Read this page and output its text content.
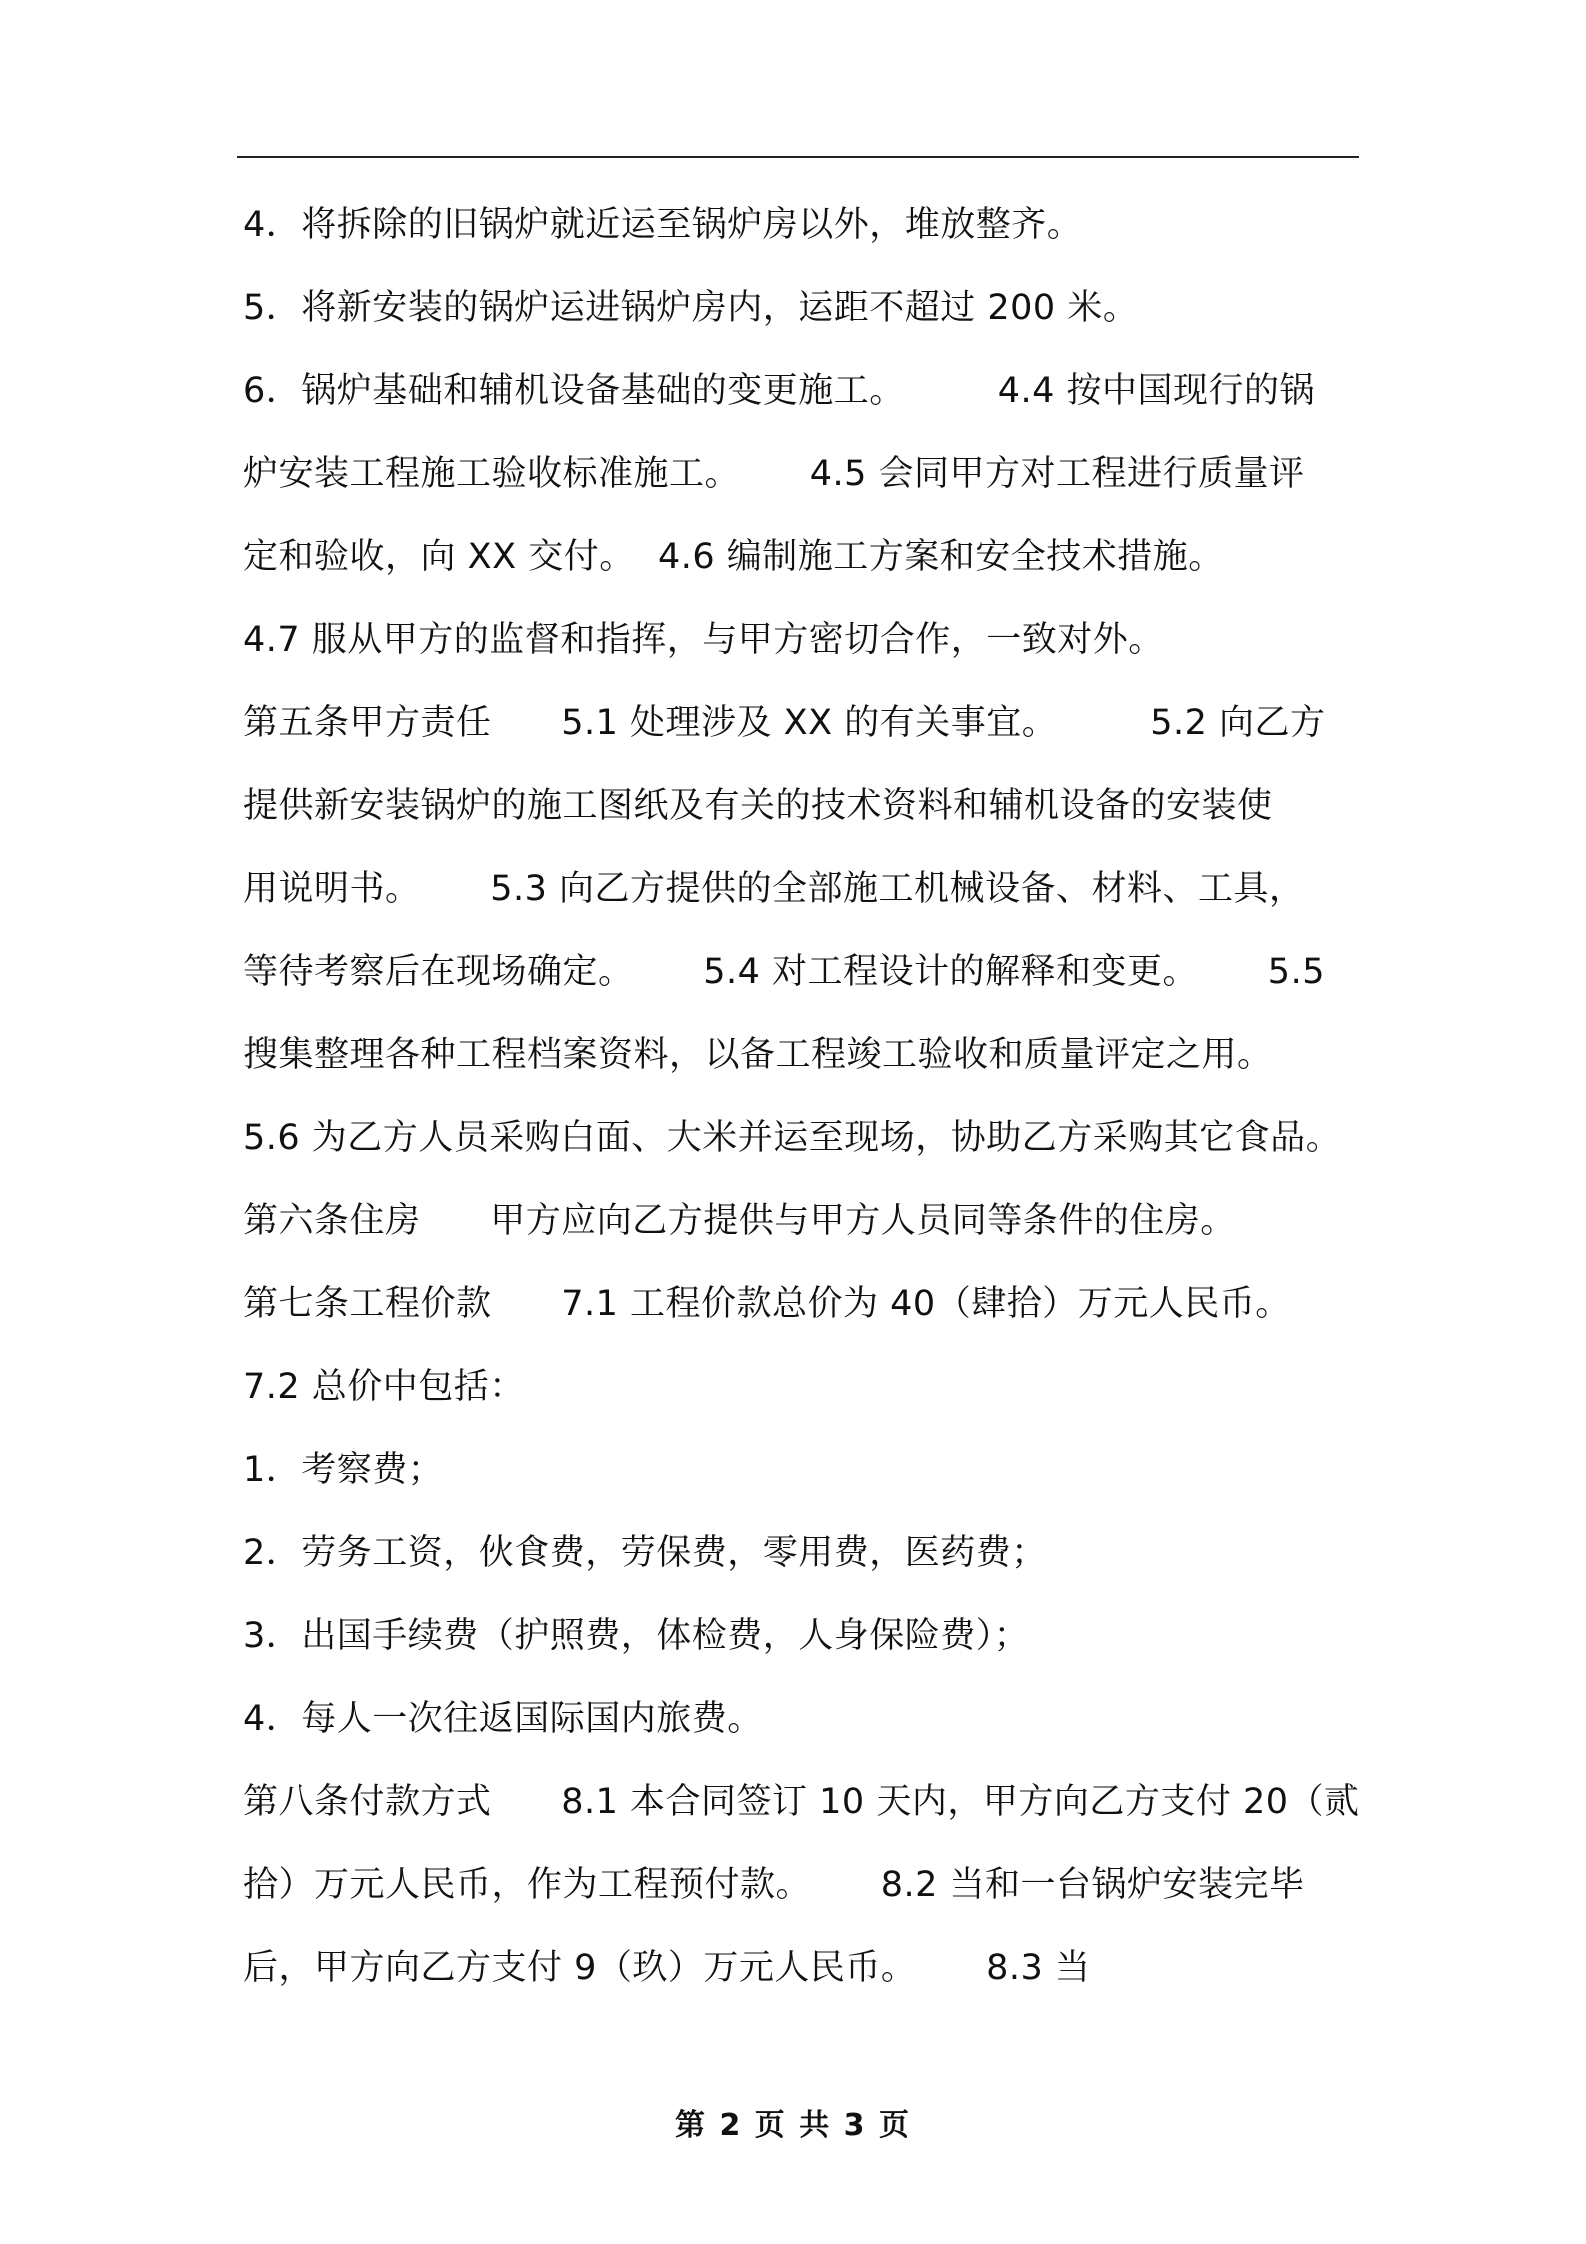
4．将拆除的旧锅炉就近运至锅炉房以外，堆放整齐。
5．将新安装的锅炉运进锅炉房内，运距不超过 200 米。
6．锅炉基础和辅机设备基础的变更施工。        4.4 按中国现行的锅
炉安装工程施工验收标准施工。      4.5 会同甲方对工程进行质量评
定和验收，向 XX 交付。  4.6 编制施工方案和安全技术措施。
4.7 服从甲方的监督和指挥，与甲方密切合作，一致对外。
第五条甲方责任      5.1 处理涉及 XX 的有关事宜。        5.2 向乙方
提供新安装锅炉的施工图纸及有关的技术资料和辅机设备的安装使
用说明书。      5.3 向乙方提供的全部施工机械设备、材料、工具，
等待考察后在现场确定。      5.4 对工程设计的解释和变更。      5.5
搜集整理各种工程档案资料，以备工程竣工验收和质量评定之用。
5.6 为乙方人员采购白面、大米并运至现场，协助乙方采购其它食品。
第六条住房      甲方应向乙方提供与甲方人员同等条件的住房。
第七条工程价款      7.1 工程价款总价为 40（肆拾）万元人民币。
7.2 总价中包括：
1．考察费；
2．劳务工资，伙食费，劳保费，零用费，医药费；
3．出国手续费（护照费，体检费，人身保险费）；
4．每人一次往返国际国内旅费。
第八条付款方式      8.1 本合同签订 10 天内，甲方向乙方支付 20（贰
拾）万元人民币，作为工程预付款。      8.2 当和一台锅炉安装完毕
后，甲方向乙方支付 9（玖）万元人民币。      8.3 当
第 2 页 共 3 页
